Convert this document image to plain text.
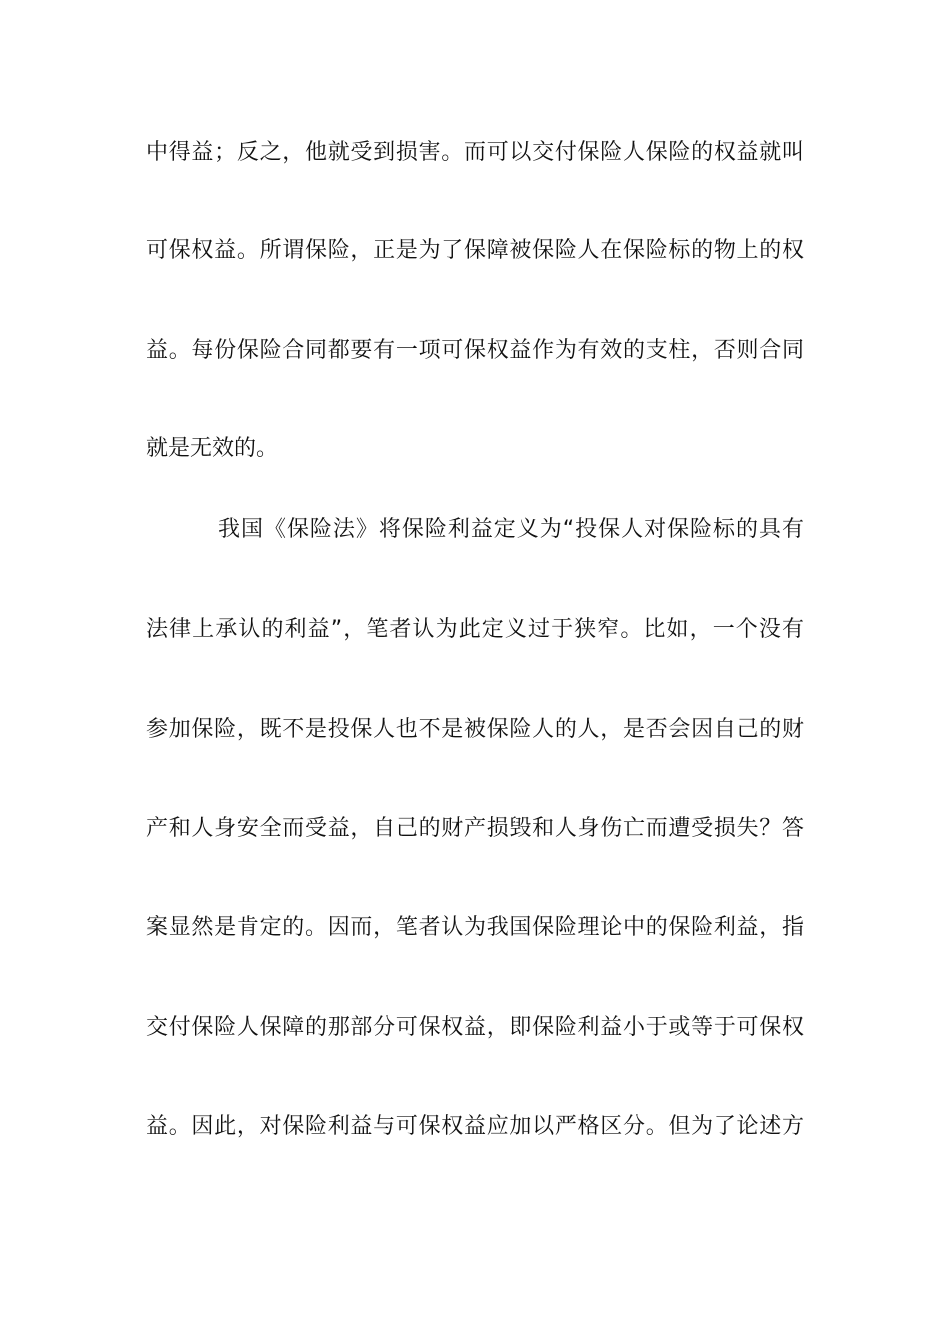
中得益；反之，他就受到损害。而可以交付保险人保险的权益就叫
可保权益。所谓保险，正是为了保障被保险人在保险标的物上的权
益。每份保险合同都要有一项可保权益作为有效的支柱，否则合同
就是无效的。
我国《保险法》将保险利益定义为“投保人对保险标的具有
法律上承认的利益”，笔者认为此定义过于狭窄。比如，一个没有
参加保险，既不是投保人也不是被保险人的人，是否会因自己的财
产和人身安全而受益，自己的财产损毁和人身伤亡而遭受损失？答
案显然是肯定的。因而，笔者认为我国保险理论中的保险利益，指
交付保险人保障的那部分可保权益，即保险利益小于或等于可保权
益。因此，对保险利益与可保权益应加以严格区分。但为了论述方
